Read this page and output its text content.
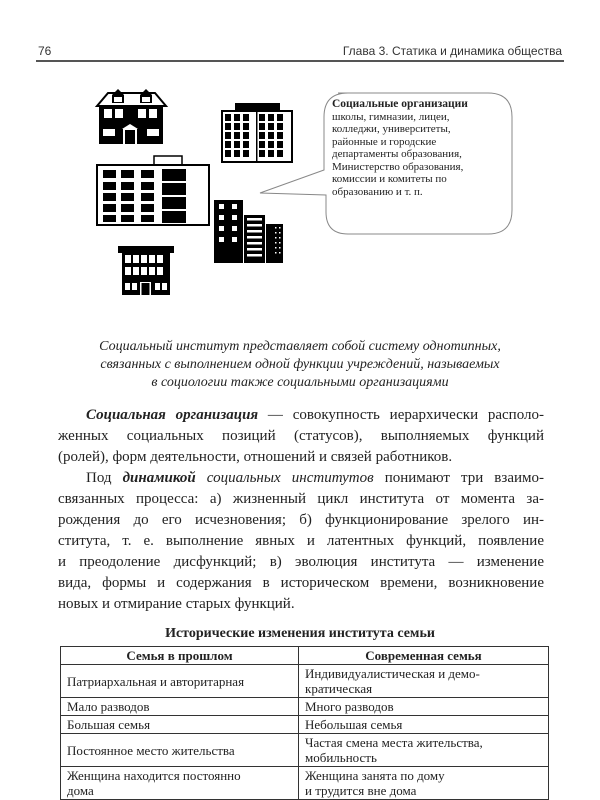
76	Глава 3. Статика и динамика общества
Социальные организации
школы, гимназии, лицеи,
колледжи, университеты,
районные и городские
департаменты образования,
Министерство образования,
комиссии и комитеты по
образованию и т. п.
Социальный институт представляет собой систему однотипных,
связанных с выполнением одной функции учреждений, называемых
в социологии также социальными организациями
Социальная организация — совокупность иерархически располо-
женных социальных позиций (статусов), выполняемых функций
(ролей), форм деятельности, отношений и связей работников.
Под динамикой социальных институтов понимают три взаимо-
связанных процесса: а) жизненный цикл института от момента за-
рождения до его исчезновения; б) функционирование зрелого ин-
ститута, т. е. выполнение явных и латентных функций, появление
и преодоление дисфункций; в) эволюция института — изменение
вида, формы и содержания в историческом времени, возникновение
новых и отмирание старых функций.
Исторические изменения института семьи
Семья в прошлом	Современная семья
Патриархальная и авторитарная	Индивидуалистическая и демо-
кратическая
Мало разводов	Много разводов
Большая семья	Небольшая семья
Постоянное место жительства	Частая смена места жительства,
мобильность
Женщина находится постоянно
дома	Женщина занята по дому
и трудится вне дома
